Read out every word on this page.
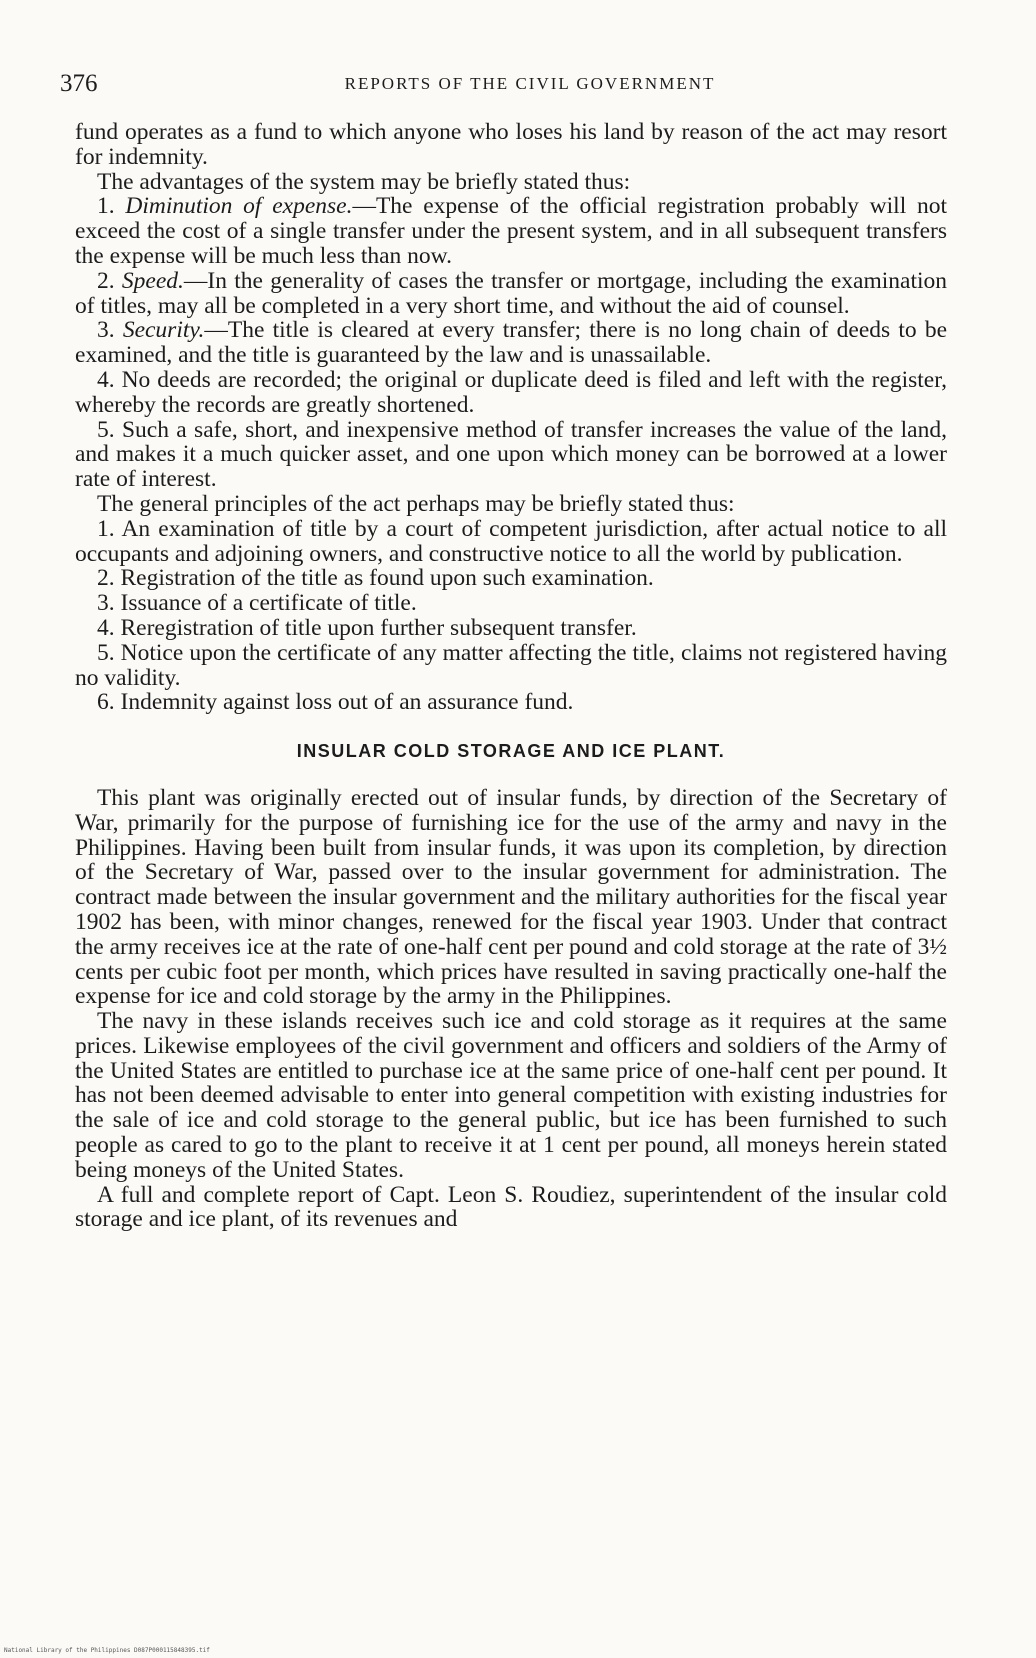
376	REPORTS OF THE CIVIL GOVERNMENT

fund operates as a fund to which anyone who loses his land by reason of the act may resort for indemnity.

The advantages of the system may be briefly stated thus:

1. Diminution of expense.—The expense of the official registration probably will not exceed the cost of a single transfer under the present system, and in all subsequent transfers the expense will be much less than now.

2. Speed.—In the generality of cases the transfer or mortgage, including the examination of titles, may all be completed in a very short time, and without the aid of counsel.

3. Security.—The title is cleared at every transfer; there is no long chain of deeds to be examined, and the title is guaranteed by the law and is unassailable.

4. No deeds are recorded; the original or duplicate deed is filed and left with the register, whereby the records are greatly shortened.

5. Such a safe, short, and inexpensive method of transfer increases the value of the land, and makes it a much quicker asset, and one upon which money can be borrowed at a lower rate of interest.

The general principles of the act perhaps may be briefly stated thus:

1. An examination of title by a court of competent jurisdiction, after actual notice to all occupants and adjoining owners, and constructive notice to all the world by publication.

2. Registration of the title as found upon such examination.

3. Issuance of a certificate of title.

4. Reregistration of title upon further subsequent transfer.

5. Notice upon the certificate of any matter affecting the title, claims not registered having no validity.

6. Indemnity against loss out of an assurance fund.

INSULAR COLD STORAGE AND ICE PLANT.

This plant was originally erected out of insular funds, by direction of the Secretary of War, primarily for the purpose of furnishing ice for the use of the army and navy in the Philippines. Having been built from insular funds, it was upon its completion, by direction of the Secretary of War, passed over to the insular government for administration. The contract made between the insular government and the military authorities for the fiscal year 1902 has been, with minor changes, renewed for the fiscal year 1903. Under that contract the army receives ice at the rate of one-half cent per pound and cold storage at the rate of 3½ cents per cubic foot per month, which prices have resulted in saving practically one-half the expense for ice and cold storage by the army in the Philippines.

The navy in these islands receives such ice and cold storage as it requires at the same prices. Likewise employees of the civil government and officers and soldiers of the Army of the United States are entitled to purchase ice at the same price of one-half cent per pound. It has not been deemed advisable to enter into general competition with existing industries for the sale of ice and cold storage to the general public, but ice has been furnished to such people as cared to go to the plant to receive it at 1 cent per pound, all moneys herein stated being moneys of the United States.

A full and complete report of Capt. Leon S. Roudiez, superintendent of the insular cold storage and ice plant, of its revenues and

National Library of the Philippines D087P000115848395.tif
